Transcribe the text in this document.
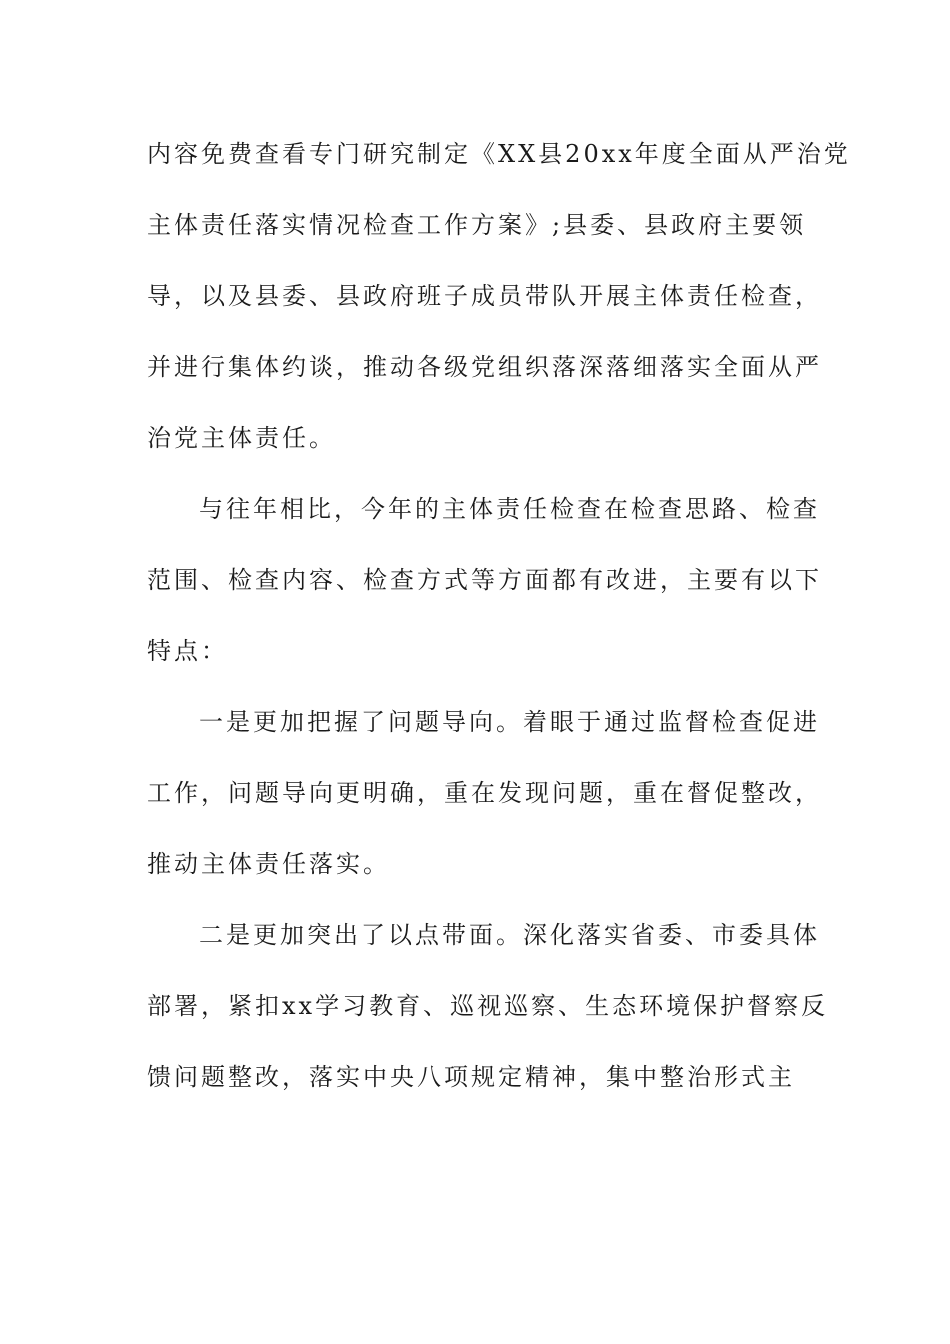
内容免费查看专门研究制定《XX县20xx年度全面从严治党
主体责任落实情况检查工作方案》;县委、县政府主要领
导，以及县委、县政府班子成员带队开展主体责任检查，
并进行集体约谈，推动各级党组织落深落细落实全面从严
治党主体责任。
与往年相比，今年的主体责任检查在检查思路、检查
范围、检查内容、检查方式等方面都有改进，主要有以下
特点：
一是更加把握了问题导向。着眼于通过监督检查促进
工作，问题导向更明确，重在发现问题，重在督促整改，
推动主体责任落实。
二是更加突出了以点带面。深化落实省委、市委具体
部署，紧扣xx学习教育、巡视巡察、生态环境保护督察反
馈问题整改，落实中央八项规定精神，集中整治形式主
